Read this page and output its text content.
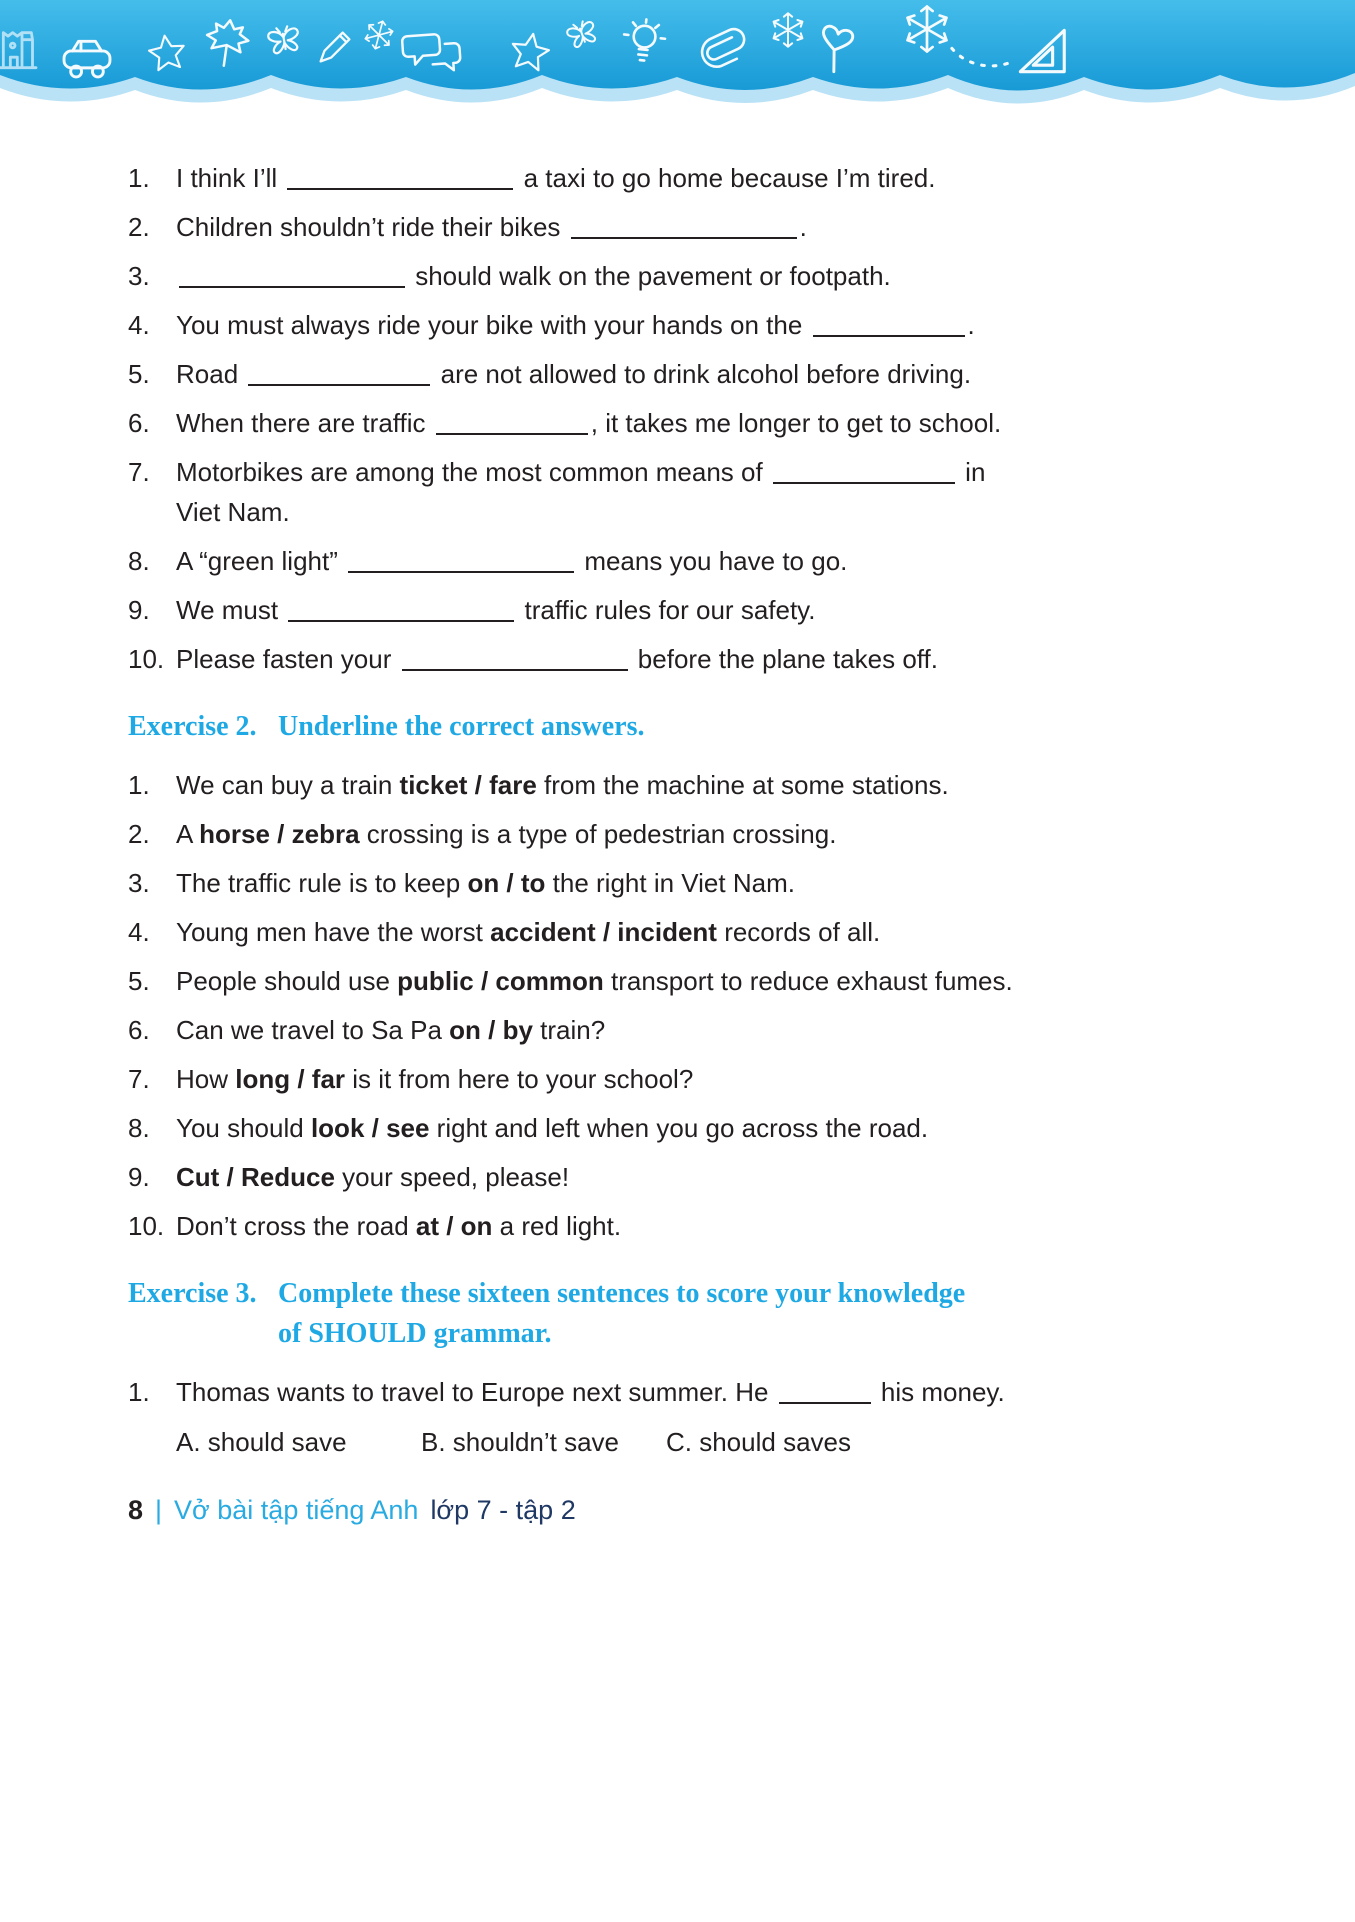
1.	I think I’ll	a taxi to go home because I’m tired.
2.	Children shouldn’t ride their bikes	.
3.	should walk on the pavement or footpath.
4.	You must always ride your bike with your hands on the	.
5.	Road	are not allowed to drink alcohol before driving.
6.	When there are traffic	, it takes me longer to get to school.
7.	Motorbikes are among the most common means of	in
Viet Nam.
8.	A “green light”	means you have to go.
9.	We must	traffic rules for our safety.
10. Please fasten your	before the plane takes off.
Exercise 2. Underline the correct answers.
1.	We can buy a train ticket / fare from the machine at some stations.
2.	A horse / zebra crossing is a type of pedestrian crossing.
3.	The traffic rule is to keep on / to the right in Viet Nam.
4.	Young men have the worst accident / incident records of all.
5.	People should use public / common transport to reduce exhaust fumes.
6.	Can we travel to Sa Pa on / by train?
7.	How long / far is it from here to your school?
8.	You should look / see right and left when you go across the road.
9.	Cut / Reduce your speed, please!
10. Don’t cross the road at / on a red light.
Exercise 3. Complete these sixteen sentences to score your knowledge
of SHOULD grammar.
1.	Thomas wants to travel to Europe next summer. He	his money.
A. should save	B. shouldn’t save	C. should saves
8 | Vở bài tập tiếng Anh lớp 7 - tập 2
